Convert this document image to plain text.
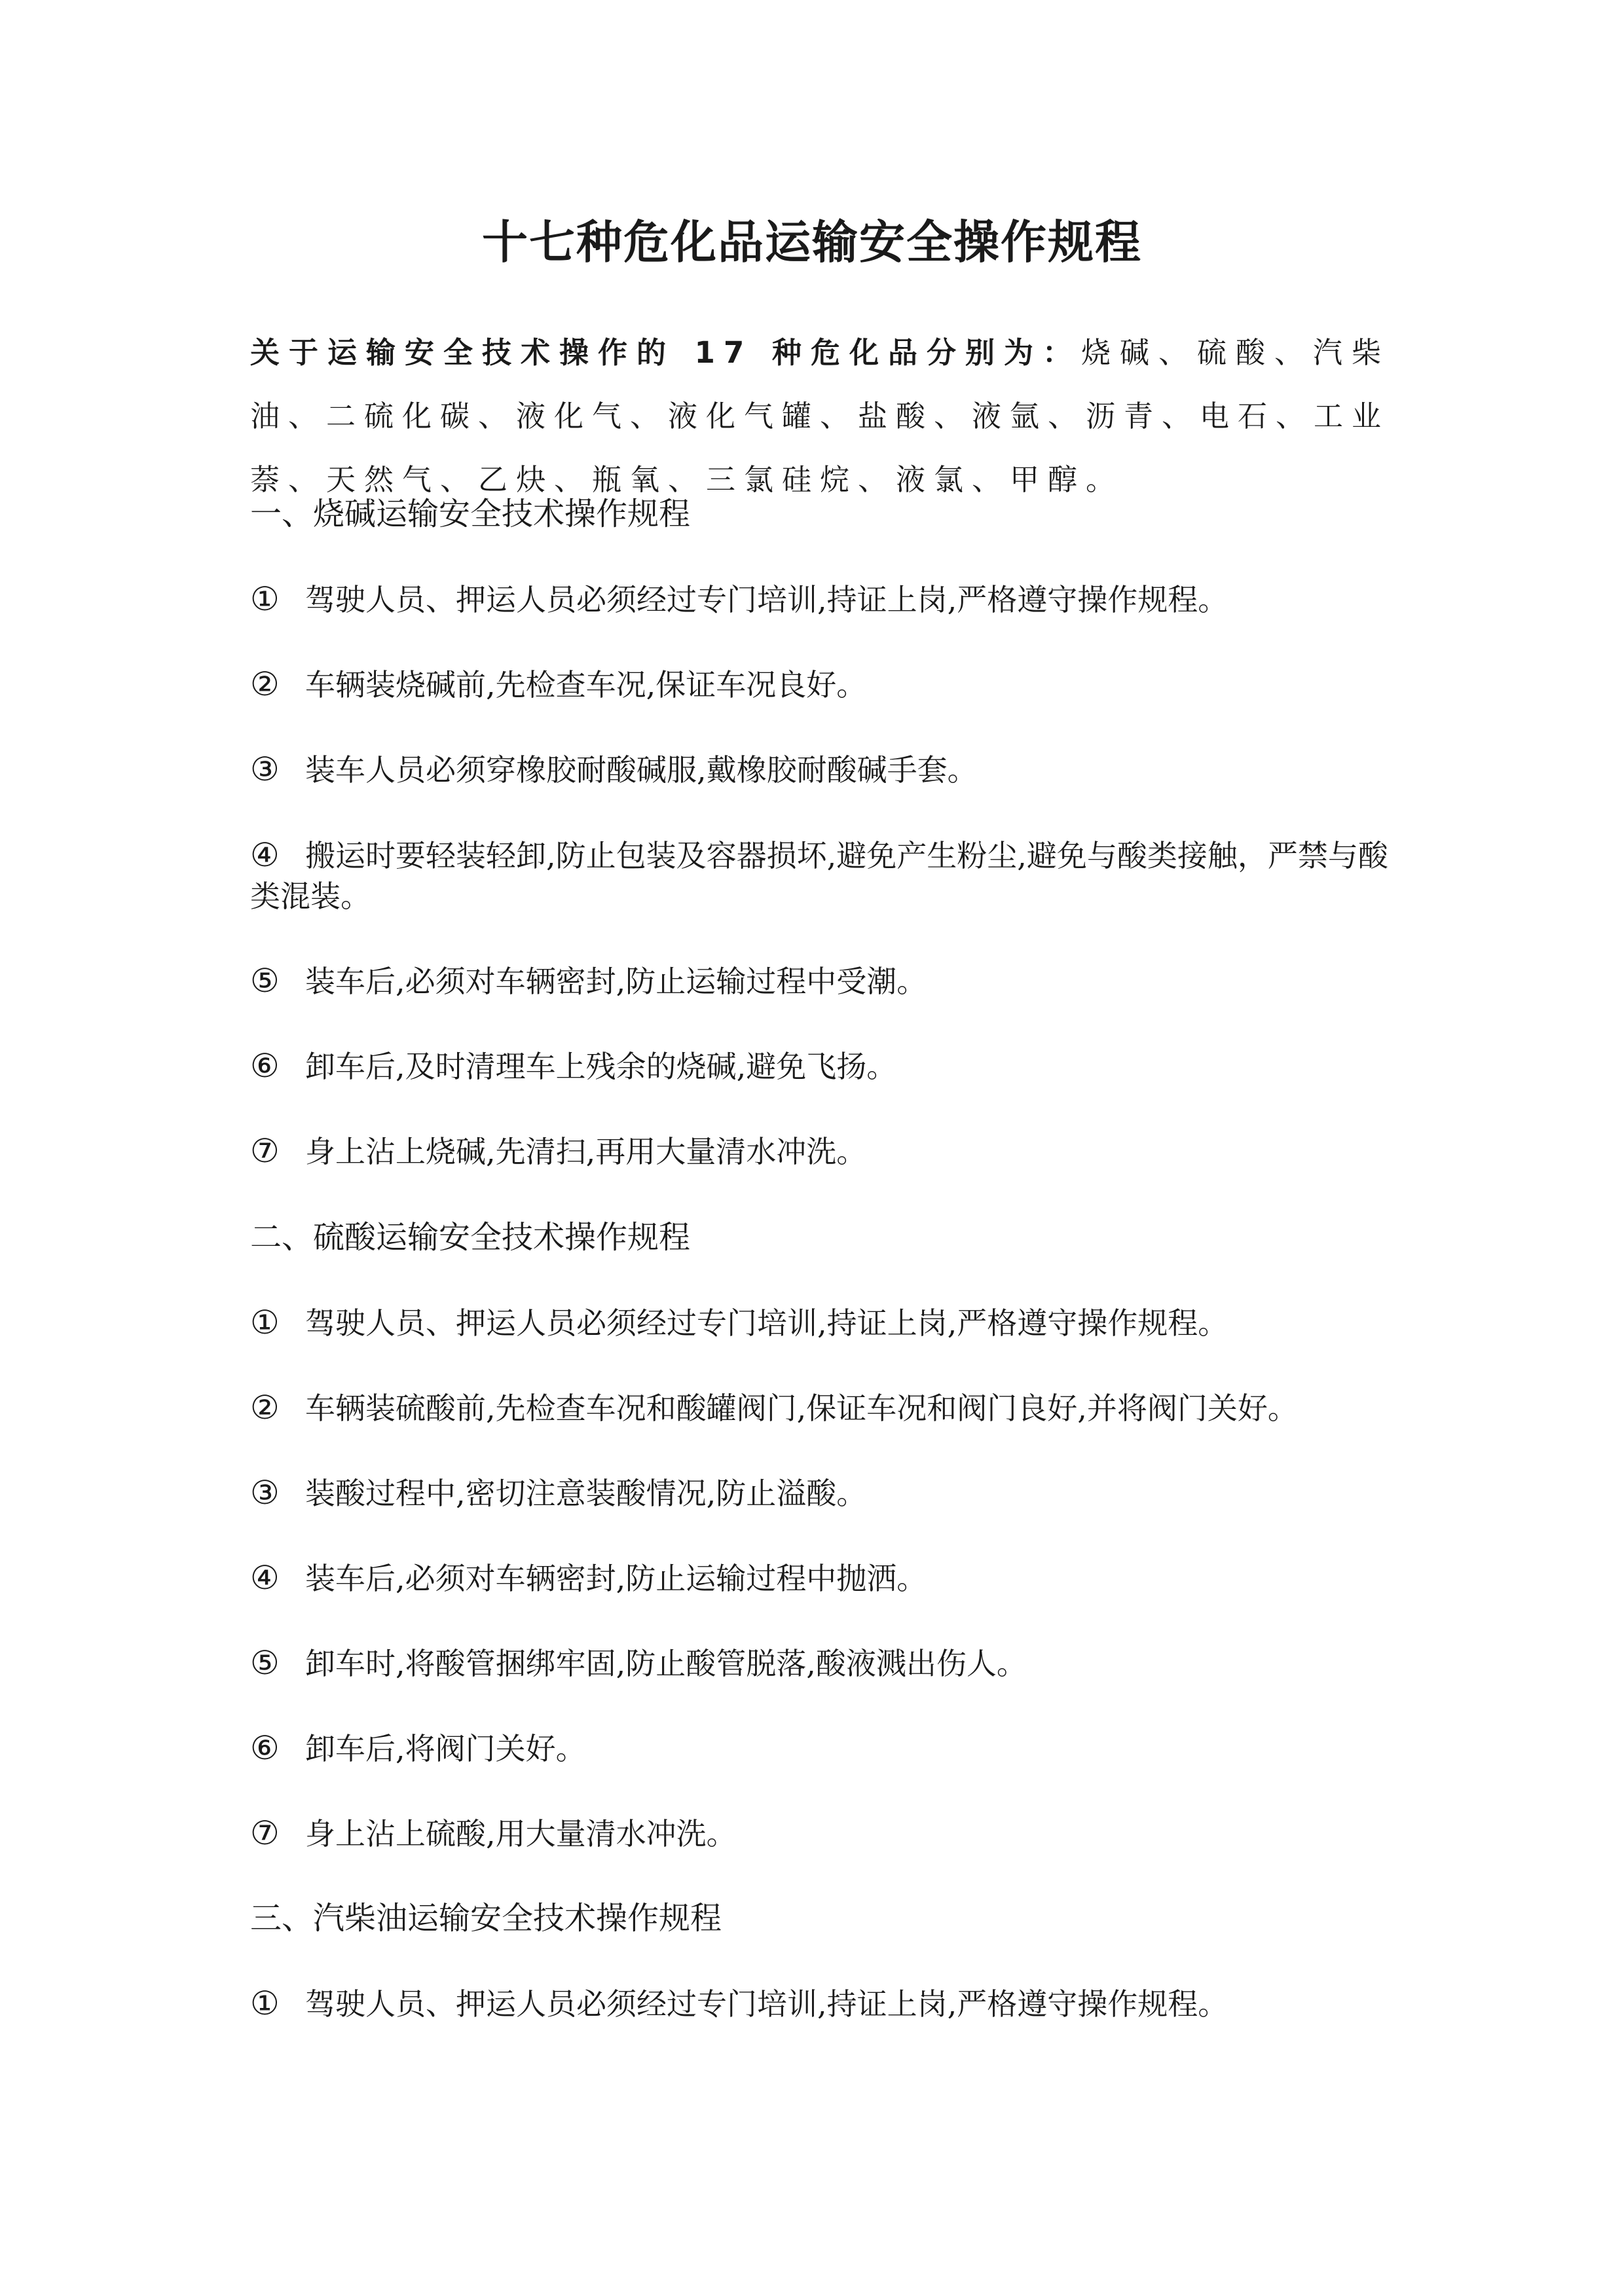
十七种危化品运输安全操作规程
关于运输安全技术操作的 17 种危化品分别为：烧碱、硫酸、汽柴油、二硫化碳、液化气、液化气罐、盐酸、液氩、沥青、电石、工业萘、天然气、乙炔、瓶氧、三氯硅烷、液氯、甲醇。
一、烧碱运输安全技术操作规程
① 驾驶人员、押运人员必须经过专门培训,持证上岗,严格遵守操作规程。
② 车辆装烧碱前,先检查车况,保证车况良好。
③ 装车人员必须穿橡胶耐酸碱服,戴橡胶耐酸碱手套。
④ 搬运时要轻装轻卸,防止包装及容器损坏,避免产生粉尘,避免与酸类接触，严禁与酸类混装。
⑤ 装车后,必须对车辆密封,防止运输过程中受潮。
⑥ 卸车后,及时清理车上残余的烧碱,避免飞扬。
⑦ 身上沾上烧碱,先清扫,再用大量清水冲洗。
二、硫酸运输安全技术操作规程
① 驾驶人员、押运人员必须经过专门培训,持证上岗,严格遵守操作规程。
② 车辆装硫酸前,先检查车况和酸罐阀门,保证车况和阀门良好,并将阀门关好。
③ 装酸过程中,密切注意装酸情况,防止溢酸。
④ 装车后,必须对车辆密封,防止运输过程中抛洒。
⑤ 卸车时,将酸管捆绑牢固,防止酸管脱落,酸液溅出伤人。
⑥ 卸车后,将阀门关好。
⑦ 身上沾上硫酸,用大量清水冲洗。
三、汽柴油运输安全技术操作规程
① 驾驶人员、押运人员必须经过专门培训,持证上岗,严格遵守操作规程。
